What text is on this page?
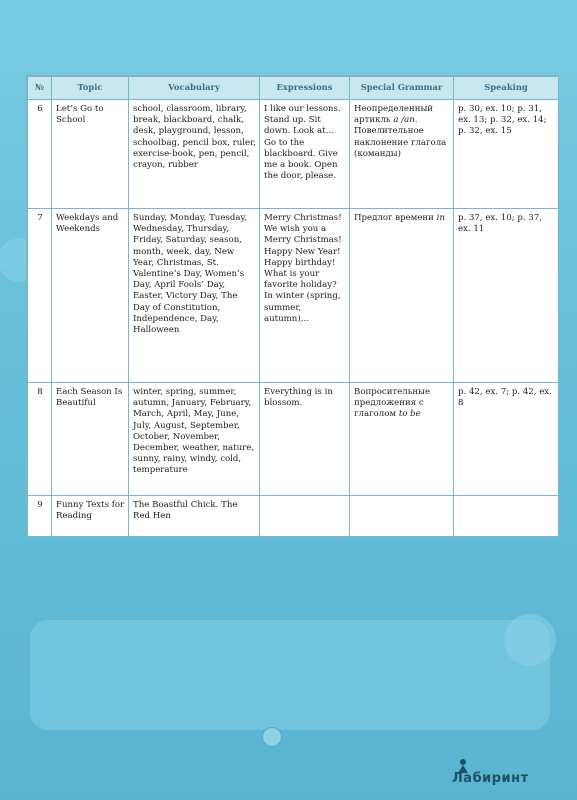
№	Topic	Vocabulary	Expressions	Special Grammar	Speaking
6	Let’s Go to School	school, classroom, library, break, blackboard, chalk, desk, playground, lesson, schoolbag, pencil box, ruler, exercise-book, pen, pencil, crayon, rubber	I like our lessons. Stand up. Sit down. Look at… Go to the blackboard. Give me a book. Open the door, please.	Неопределенный артикль a /an. Повелительное наклонение глагола (команды)	p. 30, ex. 10; p. 31, ex. 13; p. 32, ex. 14; p. 32, ex. 15
7	Weekdays and Weekends	Sunday, Monday, Tuesday, Wednesday, Thursday, Friday, Saturday, season, month, week, day, New Year, Christmas, St. Valentine’s Day, Women’s Day, April Fools’ Day, Easter, Victory Day, The Day of Constitution, Independence, Day, Halloween	Merry Christmas! We wish you a Merry Christmas! Happy New Year! Happy birthday! What is your favorite holiday? In winter (spring, summer, autumn)…	Предлог времени in	p. 37, ex. 10; p. 37, ex. 11
8	Each Season Is Beautiful	winter, spring, summer, autumn, January, February, March, April, May, June, July, August, September, October, November, December, weather, nature, sunny, rainy, windy, cold, temperature	Everything is in blossom.	Вопросительные предложения с глаголом to be	p. 42, ex. 7; p. 42, ex. 8
9	Funny Texts for Reading	The Boastful Chick. The Red Hen			
Лабиринт
